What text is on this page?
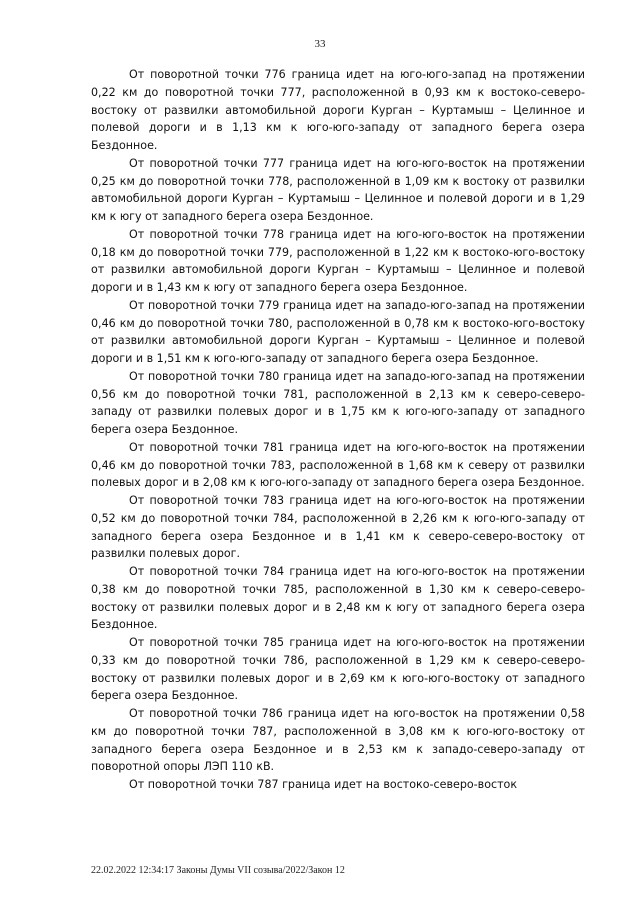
33

От поворотной точки 776 граница идет на юго-юго-запад на протяжении 0,22 км до поворотной точки 777, расположенной в 0,93 км к востоко-северо-востоку от развилки автомобильной дороги Курган – Куртамыш – Целинное и полевой дороги и в 1,13 км к юго-юго-западу от западного берега озера Бездонное.

От поворотной точки 777 граница идет на юго-юго-восток на протяжении 0,25 км до поворотной точки 778, расположенной в 1,09 км к востоку от развилки автомобильной дороги Курган – Куртамыш – Целинное и полевой дороги и в 1,29 км к югу от западного берега озера Бездонное.

От поворотной точки 778 граница идет на юго-юго-восток на протяжении 0,18 км до поворотной точки 779, расположенной в 1,22 км к востоко-юго-востоку от развилки автомобильной дороги Курган – Куртамыш – Целинное и полевой дороги и в 1,43 км к югу от западного берега озера Бездонное.

От поворотной точки 779 граница идет на западо-юго-запад на протяжении 0,46 км до поворотной точки 780, расположенной в 0,78 км к востоко-юго-востоку от развилки автомобильной дороги Курган – Куртамыш – Целинное и полевой дороги и в 1,51 км к юго-юго-западу от западного берега озера Бездонное.

От поворотной точки 780 граница идет на западо-юго-запад на протяжении 0,56 км до поворотной точки 781, расположенной в 2,13 км к северо-северо-западу от развилки полевых дорог и в 1,75 км к юго-юго-западу от западного берега озера Бездонное.

От поворотной точки 781 граница идет на юго-юго-восток на протяжении 0,46 км до поворотной точки 783, расположенной в 1,68 км к северу от развилки полевых дорог и в 2,08 км к юго-юго-западу от западного берега озера Бездонное.

От поворотной точки 783 граница идет на юго-юго-восток на протяжении 0,52 км до поворотной точки 784, расположенной в 2,26 км к юго-юго-западу от западного берега озера Бездонное и в 1,41 км к северо-северо-востоку от развилки полевых дорог.

От поворотной точки 784 граница идет на юго-юго-восток на протяжении 0,38 км до поворотной точки 785, расположенной в 1,30 км к северо-северо-востоку от развилки полевых дорог и в 2,48 км к югу от западного берега озера Бездонное.

От поворотной точки 785 граница идет на юго-юго-восток на протяжении 0,33 км до поворотной точки 786, расположенной в 1,29 км к северо-северо-востоку от развилки полевых дорог и в 2,69 км к юго-юго-востоку от западного берега озера Бездонное.

От поворотной точки 786 граница идет на юго-восток на протяжении 0,58 км до поворотной точки 787, расположенной в 3,08 км к юго-юго-востоку от западного берега озера Бездонное и в 2,53 км к западо-северо-западу от поворотной опоры ЛЭП 110 кВ.

От поворотной точки 787 граница идет на востоко-северо-восток

22.02.2022 12:34:17 Законы Думы VII созыва/2022/Закон 12
